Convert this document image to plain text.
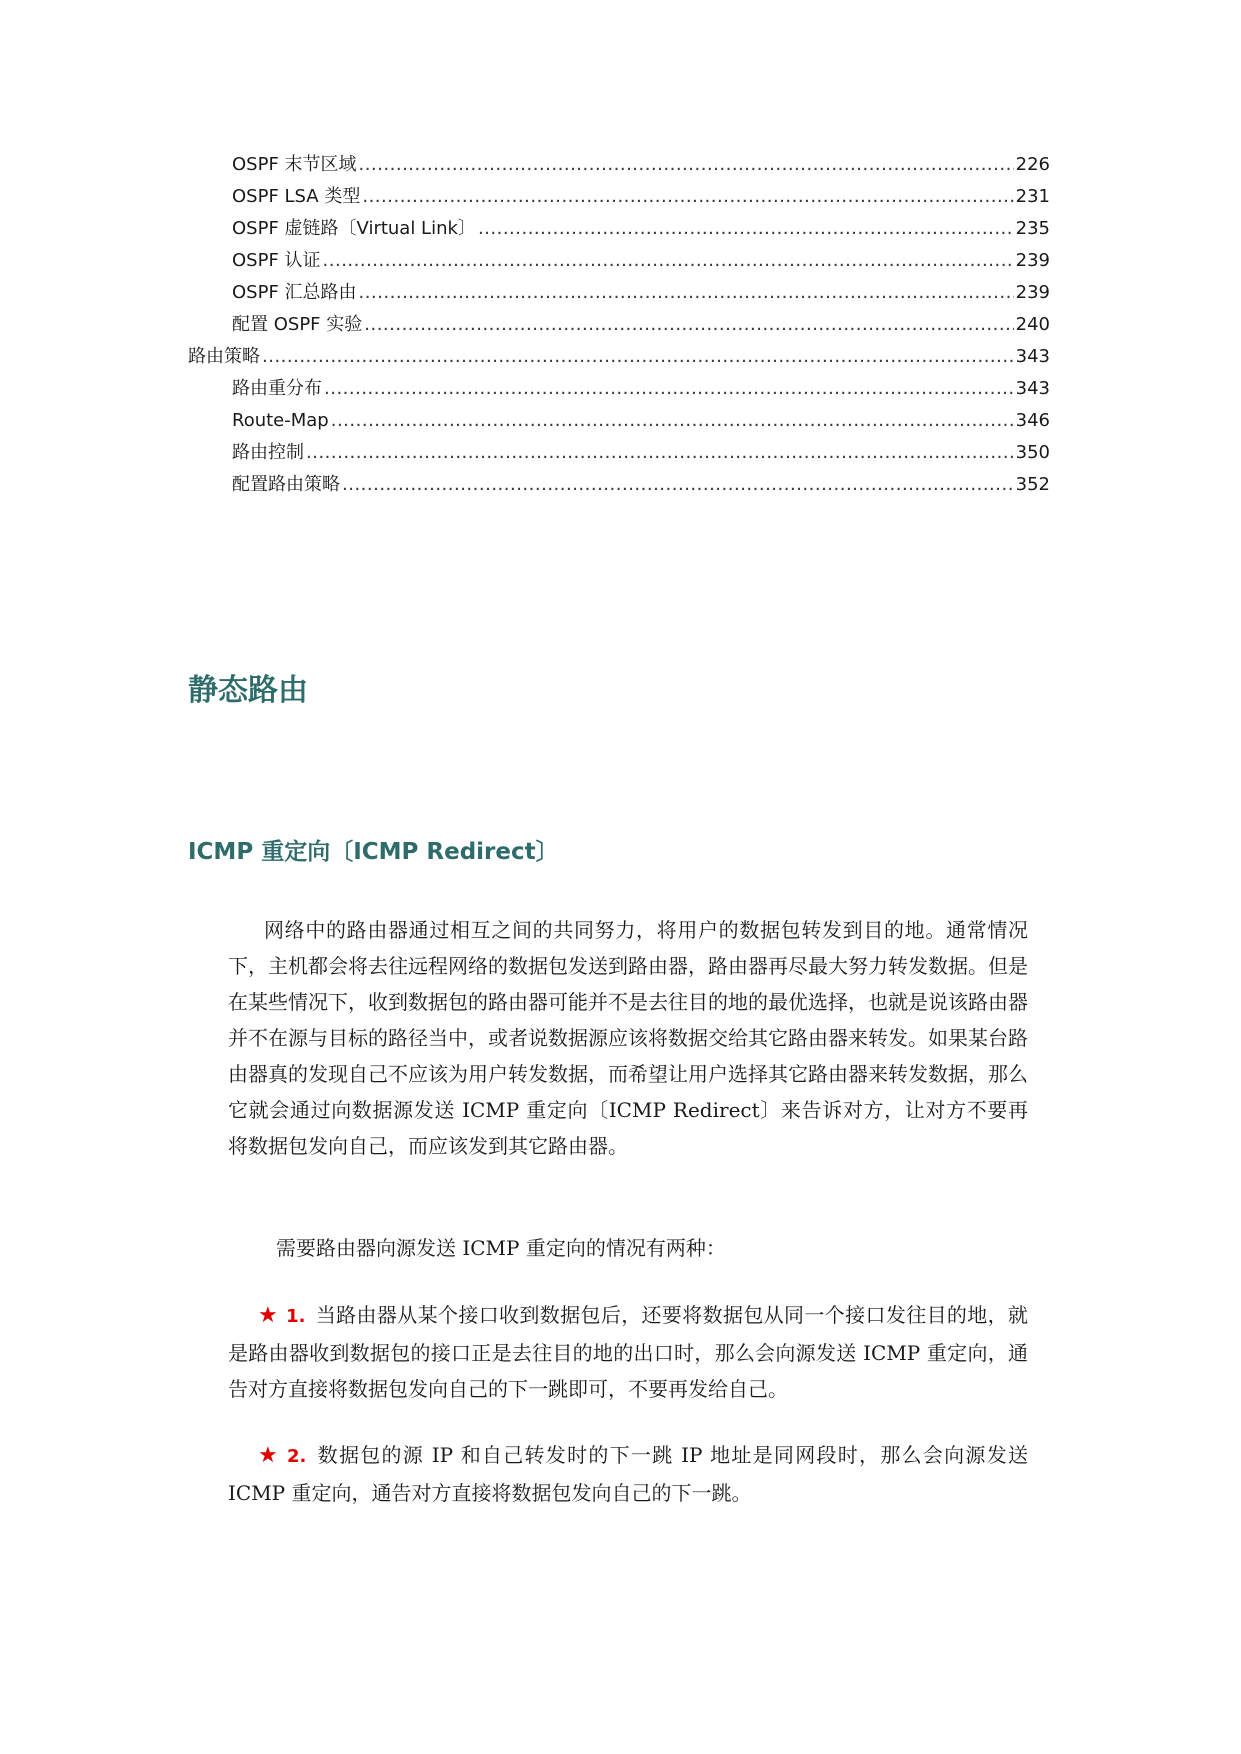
OSPF 末节区域 .....	226
OSPF LSA 类型 .....	231
OSPF 虚链路〔Virtual Link〕 .....	235
OSPF 认证 .....	239
OSPF 汇总路由 .....	239
配置 OSPF 实验 .....	240
路由策略 .....	343
路由重分布 .....	343
Route-Map .....	346
路由控制 .....	350
配置路由策略 .....	352
静态路由
ICMP 重定向〔ICMP Redirect〕

网络中的路由器通过相互之间的共同努力，将用户的数据包转发到目的地。通常情况下，主机都会将去往远程网络的数据包发送到路由器，路由器再尽最大努力转发数据。但是在某些情况下，收到数据包的路由器可能并不是去往目的地的最优选择，也就是说该路由器并不在源与目标的路径当中，或者说数据源应该将数据交给其它路由器来转发。如果某台路由器真的发现自己不应该为用户转发数据，而希望让用户选择其它路由器来转发数据，那么它就会通过向数据源发送 ICMP 重定向〔ICMP Redirect〕来告诉对方，让对方不要再将数据包发向自己，而应该发到其它路由器。

需要路由器向源发送 ICMP 重定向的情况有两种：

★ 1. 当路由器从某个接口收到数据包后，还要将数据包从同一个接口发往目的地，就是路由器收到数据包的接口正是去往目的地的出口时，那么会向源发送 ICMP 重定向，通告对方直接将数据包发向自己的下一跳即可，不要再发给自己。

★ 2. 数据包的源 IP 和自己转发时的下一跳 IP 地址是同网段时，那么会向源发送 ICMP 重定向，通告对方直接将数据包发向自己的下一跳。
